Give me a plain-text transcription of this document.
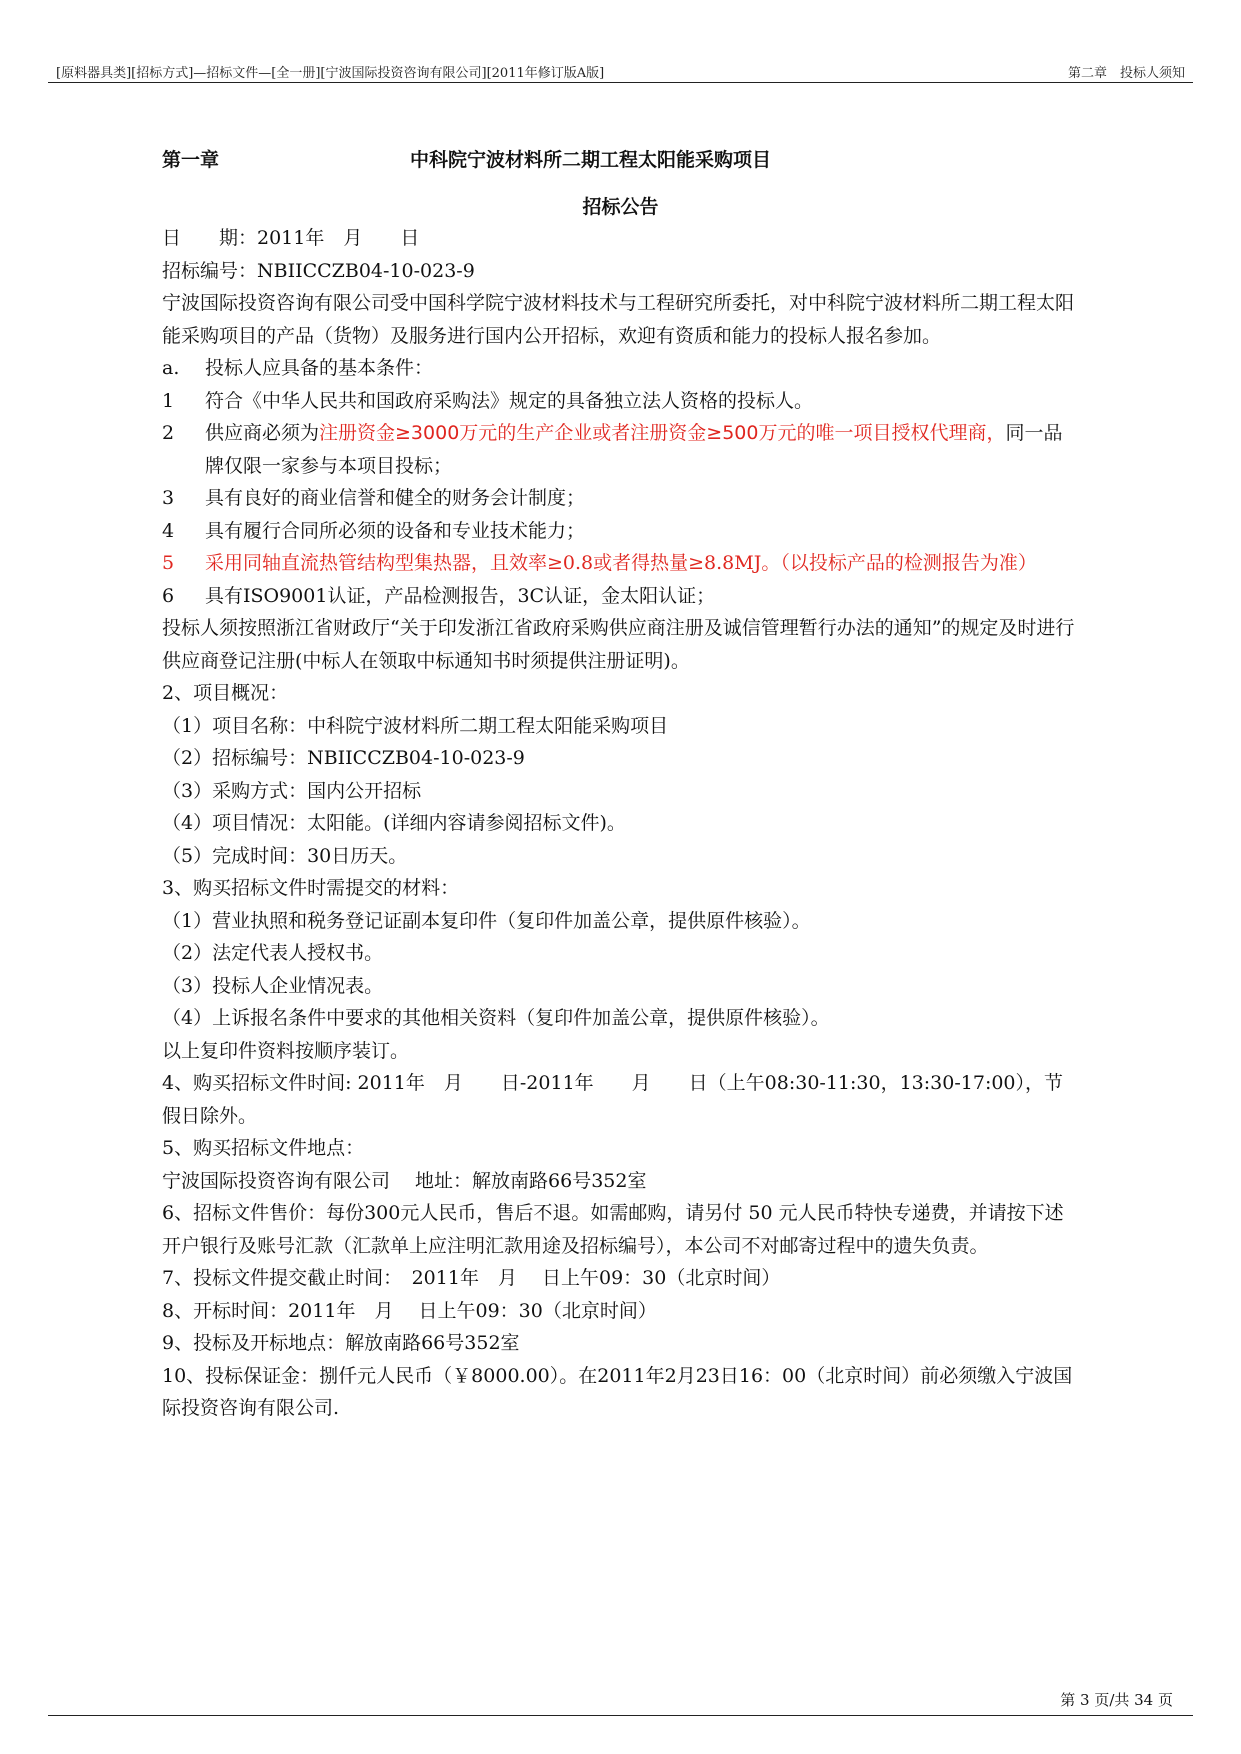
[原料器具类][招标方式]—招标文件—[全一册][宁波国际投资咨询有限公司][2011年修订版A版]	第二章　投标人须知
第一章	中科院宁波材料所二期工程太阳能采购项目
招标公告

日　　期：2011年　月　　日

招标编号：NBIICCZB04-10-023-9

宁波国际投资咨询有限公司受中国科学院宁波材料技术与工程研究所委托，对中科院宁波材料所二期工程太阳能采购项目的产品（货物）及服务进行国内公开招标，欢迎有资质和能力的投标人报名参加。

a. 投标人应具备的基本条件：

1 符合《中华人民共和国政府采购法》规定的具备独立法人资格的投标人。

2 供应商必须为注册资金≥3000万元的生产企业或者注册资金≥500万元的唯一项目授权代理商，同一品牌仅限一家参与本项目投标；

3 具有良好的商业信誉和健全的财务会计制度；

4 具有履行合同所必须的设备和专业技术能力；

5 采用同轴直流热管结构型集热器，且效率≥0.8或者得热量≥8.8MJ。（以投标产品的检测报告为准）

6 具有ISO9001认证，产品检测报告，3C认证，金太阳认证；

投标人须按照浙江省财政厅“关于印发浙江省政府采购供应商注册及诚信管理暂行办法的通知”的规定及时进行供应商登记注册(中标人在领取中标通知书时须提供注册证明)。

2、项目概况：

（1）项目名称：中科院宁波材料所二期工程太阳能采购项目

（2）招标编号：NBIICCZB04-10-023-9

（3）采购方式：国内公开招标

（4）项目情况：太阳能。(详细内容请参阅招标文件)。

（5）完成时间：30日历天。

3、购买招标文件时需提交的材料：

（1）营业执照和税务登记证副本复印件（复印件加盖公章，提供原件核验）。

（2）法定代表人授权书。

（3）投标人企业情况表。

（4）上诉报名条件中要求的其他相关资料（复印件加盖公章，提供原件核验）。

以上复印件资料按顺序装订。

4、购买招标文件时间: 2011年　月　　日-2011年　　月　　日（上午08:30-11:30，13:30-17:00），节假日除外。

5、购买招标文件地点：

宁波国际投资咨询有限公司　 地址：解放南路66号352室

6、招标文件售价：每份300元人民币，售后不退。如需邮购，请另付 50 元人民币特快专递费，并请按下述开户银行及账号汇款（汇款单上应注明汇款用途及招标编号），本公司不对邮寄过程中的遗失负责。

7、投标文件提交截止时间：　2011年　月　 日上午09：30（北京时间）

8、开标时间：2011年　月　 日上午09：30（北京时间）

9、投标及开标地点：解放南路66号352室

10、投标保证金：捌仟元人民币（￥8000.00）。在2011年2月23日16：00（北京时间）前必须缴入宁波国际投资咨询有限公司.

第 3 页/共 34 页
